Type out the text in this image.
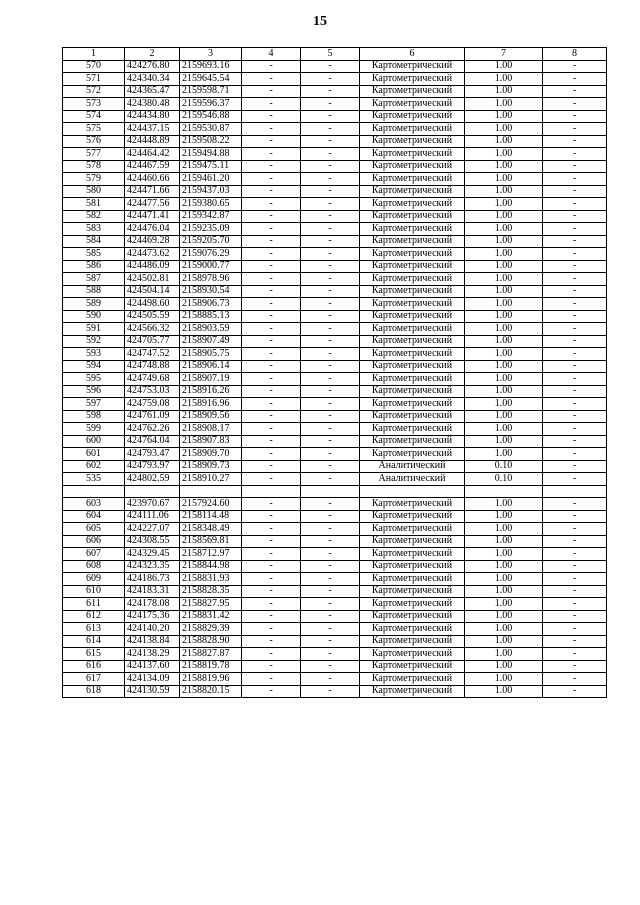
15
1	2	3	4	5	6	7	8
570	424276.80	2159693.16	-	-	Картометрический	1.00	-
571	424340.34	2159645.54	-	-	Картометрический	1.00	-
572	424365.47	2159598.71	-	-	Картометрический	1.00	-
573	424380.48	2159596.37	-	-	Картометрический	1.00	-
574	424434.80	2159546.88	-	-	Картометрический	1.00	-
575	424437.15	2159530.87	-	-	Картометрический	1.00	-
576	424448.89	2159508.22	-	-	Картометрический	1.00	-
577	424464.42	2159494.88	-	-	Картометрический	1.00	-
578	424467.59	2159475.11	-	-	Картометрический	1.00	-
579	424460.66	2159461.20	-	-	Картометрический	1.00	-
580	424471.66	2159437.03	-	-	Картометрический	1.00	-
581	424477.56	2159380.65	-	-	Картометрический	1.00	-
582	424471.41	2159342.87	-	-	Картометрический	1.00	-
583	424476.04	2159235.09	-	-	Картометрический	1.00	-
584	424469.28	2159205.70	-	-	Картометрический	1.00	-
585	424473.62	2159076.29	-	-	Картометрический	1.00	-
586	424486.09	2159000.77	-	-	Картометрический	1.00	-
587	424502.81	2158978.96	-	-	Картометрический	1.00	-
588	424504.14	2158930.54	-	-	Картометрический	1.00	-
589	424498.60	2158906.73	-	-	Картометрический	1.00	-
590	424505.59	2158885.13	-	-	Картометрический	1.00	-
591	424566.32	2158903.59	-	-	Картометрический	1.00	-
592	424705.77	2158907.49	-	-	Картометрический	1.00	-
593	424747.52	2158905.75	-	-	Картометрический	1.00	-
594	424748.88	2158906.14	-	-	Картометрический	1.00	-
595	424749.68	2158907.19	-	-	Картометрический	1.00	-
596	424753.03	2158916.26	-	-	Картометрический	1.00	-
597	424759.08	2158916.96	-	-	Картометрический	1.00	-
598	424761.09	2158909.56	-	-	Картометрический	1.00	-
599	424762.26	2158908.17	-	-	Картометрический	1.00	-
600	424764.04	2158907.83	-	-	Картометрический	1.00	-
601	424793.47	2158909.70	-	-	Картометрический	1.00	-
602	424793.97	2158909.73	-	-	Аналитический	0.10	-
535	424802.59	2158910.27	-	-	Аналитический	0.10	-

603	423970.67	2157924.60	-	-	Картометрический	1.00	-
604	424111.06	2158114.48	-	-	Картометрический	1.00	-
605	424227.07	2158348.49	-	-	Картометрический	1.00	-
606	424308.55	2158569.81	-	-	Картометрический	1.00	-
607	424329.45	2158712.97	-	-	Картометрический	1.00	-
608	424323.35	2158844.98	-	-	Картометрический	1.00	-
609	424186.73	2158831.93	-	-	Картометрический	1.00	-
610	424183.31	2158828.35	-	-	Картометрический	1.00	-
611	424178.08	2158827.95	-	-	Картометрический	1.00	-
612	424175.36	2158831.42	-	-	Картометрический	1.00	-
613	424140.20	2158829.39	-	-	Картометрический	1.00	-
614	424138.84	2158828.90	-	-	Картометрический	1.00	-
615	424138.29	2158827.87	-	-	Картометрический	1.00	-
616	424137.60	2158819.78	-	-	Картометрический	1.00	-
617	424134.09	2158819.96	-	-	Картометрический	1.00	-
618	424130.59	2158820.15	-	-	Картометрический	1.00	-
